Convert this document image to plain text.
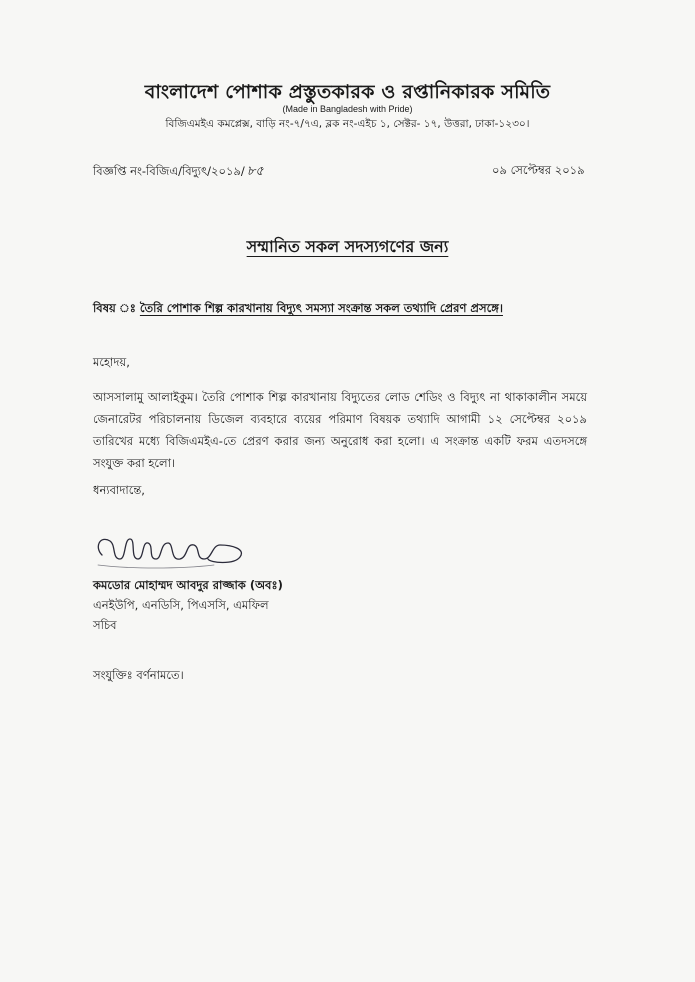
বাংলাদেশ পোশাক প্রস্তুতকারক ও রপ্তানিকারক সমিতি
(Made in Bangladesh with Pride)
বিজিএমইএ কমপ্লেক্স, বাড়ি নং-৭/৭এ, ব্লক নং-এইচ ১, সেক্টর- ১৭, উত্তরা, ঢাকা-১২৩০।
বিজ্ঞপ্তি নং-বিজিএ/বিদ্যুৎ/২০১৯/ ৮৫	০৯ সেপ্টেম্বর ২০১৯
সম্মানিত সকল সদস্যগণের জন্য
বিষয় ঃ তৈরি পোশাক শিল্প কারখানায় বিদ্যুৎ সমস্যা সংক্রান্ত সকল তথ্যাদি প্রেরণ প্রসঙ্গে।
মহোদয়,
আসসালামু আলাইকুম। তৈরি পোশাক শিল্প কারখানায় বিদ্যুতের লোড শেডিং ও বিদ্যুৎ না থাকাকালীন সময়ে জেনারেটর পরিচালনায় ডিজেল ব্যবহারে ব্যয়ের পরিমাণ বিষয়ক তথ্যাদি আগামী ১২ সেপ্টেম্বর ২০১৯ তারিখের মধ্যে বিজিএমইএ-তে প্রেরণ করার জন্য অনুরোধ করা হলো। এ সংক্রান্ত একটি ফরম এতদসঙ্গে সংযুক্ত করা হলো।
ধন্যবাদান্তে,
কমডোর মোহাম্মদ আবদুর রাজ্জাক (অবঃ)
এনইউপি, এনডিসি, পিএসসি, এমফিল
সচিব
সংযুক্তিঃ বর্ণনামতে।
